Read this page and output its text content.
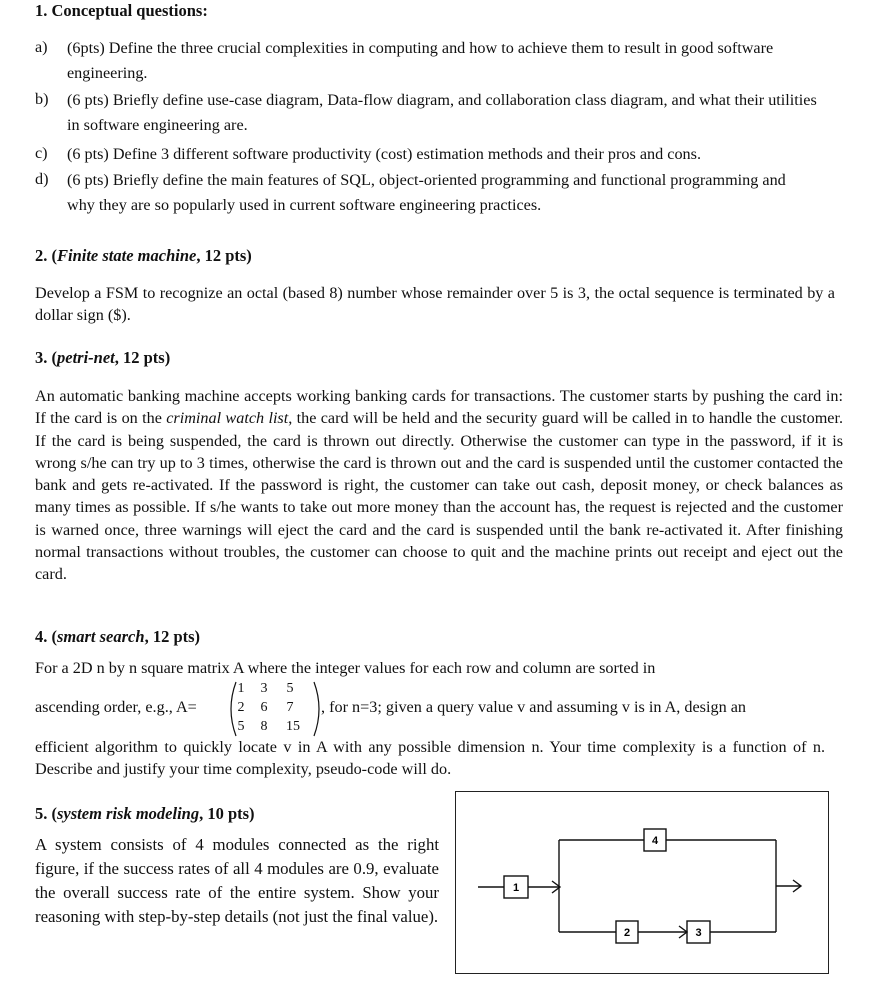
1. Conceptual questions:
a) (6pts) Define the three crucial complexities in computing and how to achieve them to result in good software engineering.
b) (6 pts) Briefly define use-case diagram, Data-flow diagram, and collaboration class diagram, and what their utilities in software engineering are.
c) (6 pts) Define 3 different software productivity (cost) estimation methods and their pros and cons.
d) (6 pts) Briefly define the main features of SQL, object-oriented programming and functional programming and why they are so popularly used in current software engineering practices.
2. (Finite state machine, 12 pts)
Develop a FSM to recognize an octal (based 8) number whose remainder over 5 is 3, the octal sequence is terminated by a dollar sign ($).
3. (petri-net, 12 pts)
An automatic banking machine accepts working banking cards for transactions. The customer starts by pushing the card in: If the card is on the criminal watch list, the card will be held and the security guard will be called in to handle the customer. If the card is being suspended, the card is thrown out directly. Otherwise the customer can type in the password, if it is wrong s/he can try up to 3 times, otherwise the card is thrown out and the card is suspended until the customer contacted the bank and gets re-activated. If the password is right, the customer can take out cash, deposit money, or check balances as many times as possible. If s/he wants to take out more money than the account has, the request is rejected and the customer is warned once, three warnings will eject the card and the card is suspended until the bank re-activated it. After finishing normal transactions without troubles, the customer can choose to quit and the machine prints out receipt and eject out the card.
4. (smart search, 12 pts)
For a 2D n by n square matrix A where the integer values for each row and column are sorted in
ascending order, e.g., A=
1	3	5
2	6	7
5	8	15
, for n=3; given a query value v and assuming v is in A, design an
efficient algorithm to quickly locate v in A with any possible dimension n. Your time complexity is a function of n. Describe and justify your time complexity, pseudo-code will do.
5. (system risk modeling, 10 pts)
A system consists of 4 modules connected as the right figure, if the success rates of all 4 modules are 0.9, evaluate the overall success rate of the entire system. Show your reasoning with step-by-step details (not just the final value).
1
2	3
4
